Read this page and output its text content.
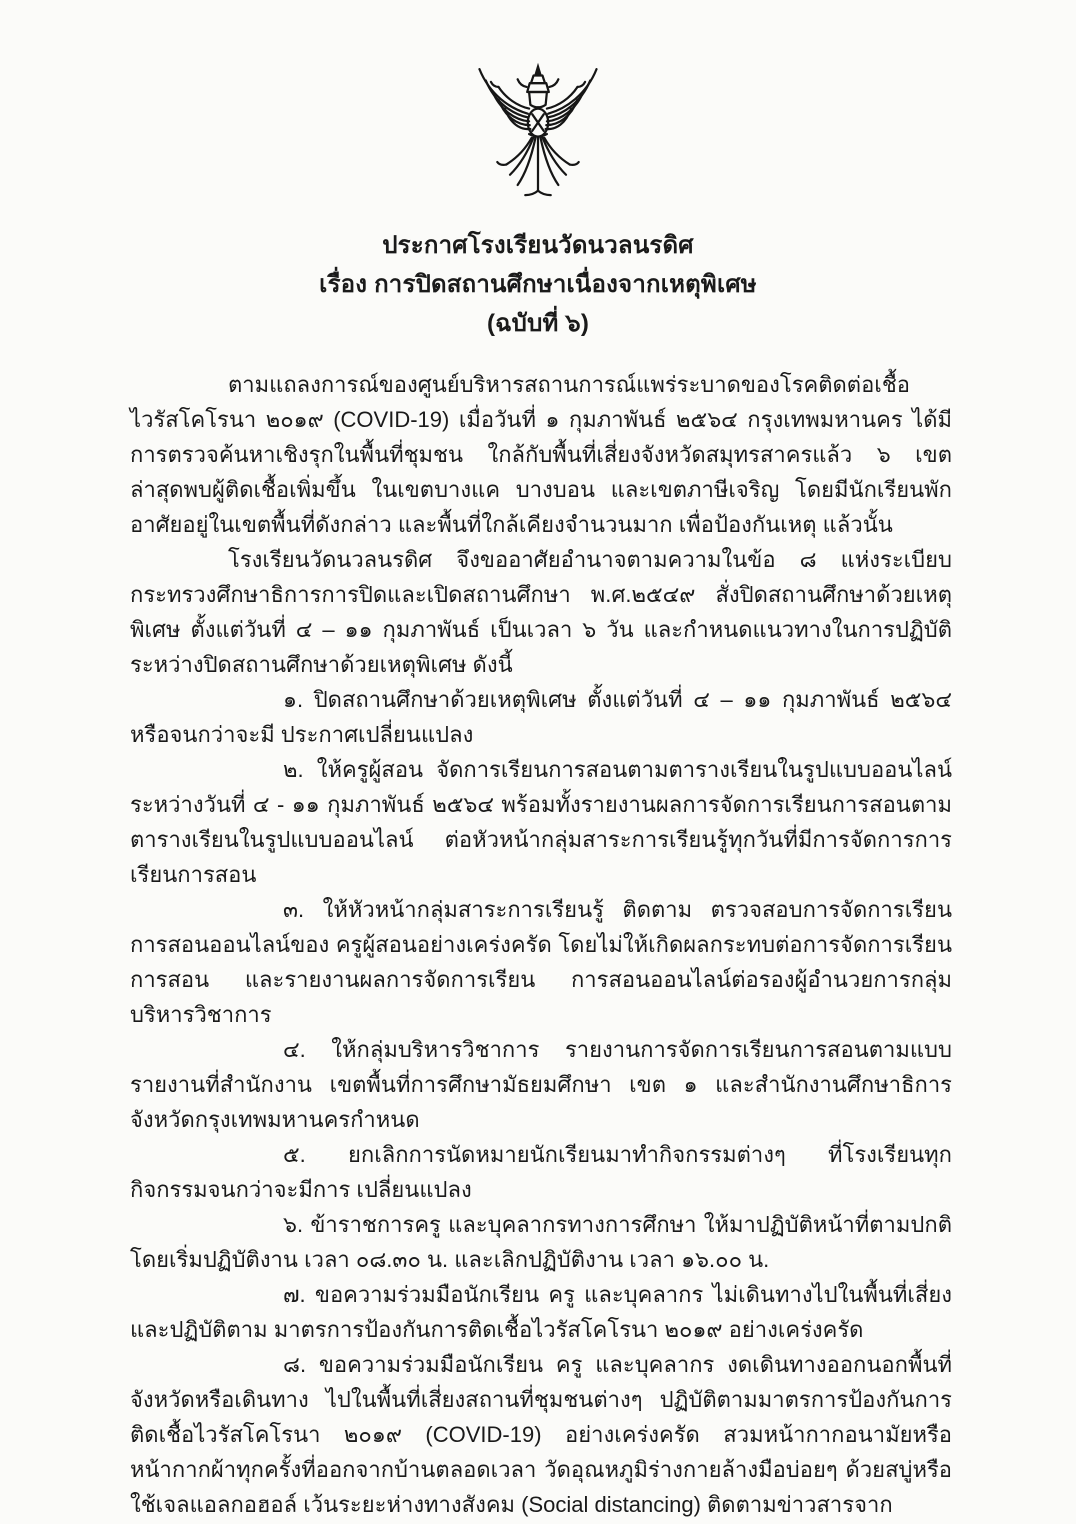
ประกาศโรงเรียนวัดนวลนรดิศ
เรื่อง การปิดสถานศึกษาเนื่องจากเหตุพิเศษ
(ฉบับที่ ๖)

ตามแถลงการณ์ของศูนย์บริหารสถานการณ์แพร่ระบาดของโรคติดต่อเชื้อไวรัสโคโรนา ๒๐๑๙ (COVID-19) เมื่อวันที่ ๑ กุมภาพันธ์ ๒๕๖๔ กรุงเทพมหานคร ได้มีการตรวจค้นหาเชิงรุกในพื้นที่ชุมชน ใกล้กับพื้นที่เสี่ยงจังหวัดสมุทรสาครแล้ว ๖ เขต ล่าสุดพบผู้ติดเชื้อเพิ่มขึ้น ในเขตบางแค บางบอน และเขตภาษีเจริญ โดยมีนักเรียนพักอาศัยอยู่ในเขตพื้นที่ดังกล่าว และพื้นที่ใกล้เคียงจำนวนมาก เพื่อป้องกันเหตุ แล้วนั้น

โรงเรียนวัดนวลนรดิศ จึงขออาศัยอำนาจตามความในข้อ ๘ แห่งระเบียบ กระทรวงศึกษาธิการการปิดและเปิดสถานศึกษา พ.ศ.๒๕๔๙ สั่งปิดสถานศึกษาด้วยเหตุพิเศษ ตั้งแต่วันที่ ๔ – ๑๑ กุมภาพันธ์ เป็นเวลา ๖ วัน และกำหนดแนวทางในการปฏิบัติระหว่างปิดสถานศึกษาด้วยเหตุพิเศษ ดังนี้

๑. ปิดสถานศึกษาด้วยเหตุพิเศษ ตั้งแต่วันที่ ๔ – ๑๑ กุมภาพันธ์ ๒๕๖๔ หรือจนกว่าจะมี ประกาศเปลี่ยนแปลง

๒. ให้ครูผู้สอน จัดการเรียนการสอนตามตารางเรียนในรูปแบบออนไลน์ ระหว่างวันที่ ๔ - ๑๑ กุมภาพันธ์ ๒๕๖๔ พร้อมทั้งรายงานผลการจัดการเรียนการสอนตามตารางเรียนในรูปแบบออนไลน์ ต่อหัวหน้ากลุ่มสาระการเรียนรู้ทุกวันที่มีการจัดการการเรียนการสอน

๓. ให้หัวหน้ากลุ่มสาระการเรียนรู้ ติดตาม ตรวจสอบการจัดการเรียนการสอนออนไลน์ของ ครูผู้สอนอย่างเคร่งครัด โดยไม่ให้เกิดผลกระทบต่อการจัดการเรียนการสอน และรายงานผลการจัดการเรียน การสอนออนไลน์ต่อรองผู้อำนวยการกลุ่มบริหารวิชาการ

๔. ให้กลุ่มบริหารวิชาการ รายงานการจัดการเรียนการสอนตามแบบรายงานที่สำนักงาน เขตพื้นที่การศึกษามัธยมศึกษา เขต ๑ และสำนักงานศึกษาธิการจังหวัดกรุงเทพมหานครกำหนด

๕. ยกเลิกการนัดหมายนักเรียนมาทำกิจกรรมต่างๆ ที่โรงเรียนทุกกิจกรรมจนกว่าจะมีการ เปลี่ยนแปลง

๖. ข้าราชการครู และบุคลากรทางการศึกษา ให้มาปฏิบัติหน้าที่ตามปกติ โดยเริ่มปฏิบัติงาน เวลา ๐๘.๓๐ น. และเลิกปฏิบัติงาน เวลา ๑๖.๐๐ น.

๗. ขอความร่วมมือนักเรียน ครู และบุคลากร ไม่เดินทางไปในพื้นที่เสี่ยง และปฏิบัติตาม มาตรการป้องกันการติดเชื้อไวรัสโคโรนา ๒๐๑๙ อย่างเคร่งครัด

๘. ขอความร่วมมือนักเรียน ครู และบุคลากร งดเดินทางออกนอกพื้นที่จังหวัดหรือเดินทาง ไปในพื้นที่เสี่ยงสถานที่ชุมชนต่างๆ ปฏิบัติตามมาตรการป้องกันการติดเชื้อไวรัสโคโรนา ๒๐๑๙ (COVID-19) อย่างเคร่งครัด สวมหน้ากากอนามัยหรือหน้ากากผ้าทุกครั้งที่ออกจากบ้านตลอดเวลา วัดอุณหภูมิร่างกายล้างมือบ่อยๆ ด้วยสบู่หรือใช้เจลแอลกอฮอล์ เว้นระยะห่างทางสังคม (Social distancing) ติดตามข่าวสารจาก
